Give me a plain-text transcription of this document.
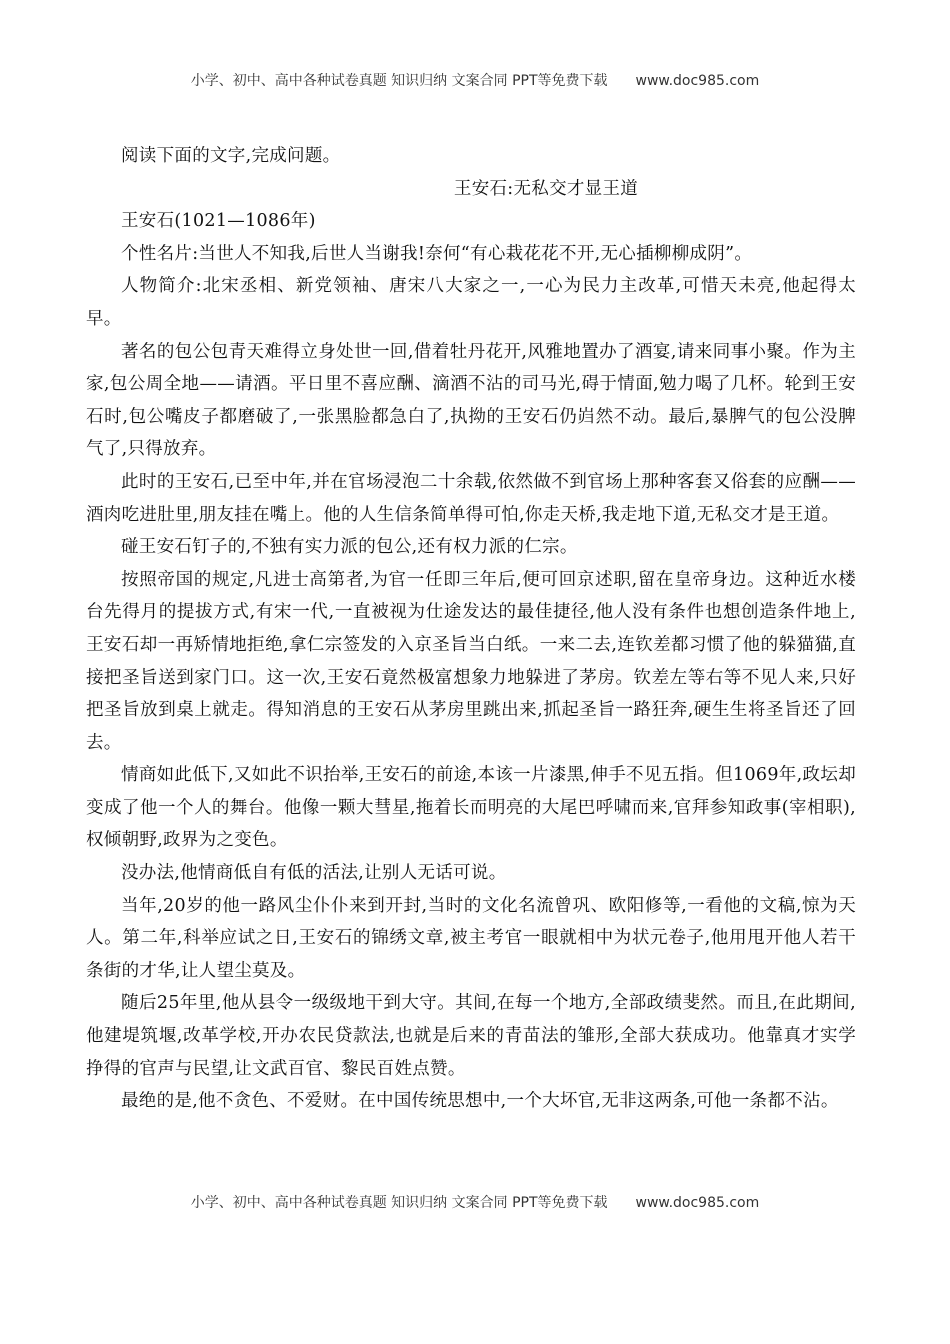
小学、初中、高中各种试卷真题 知识归纳 文案合同 PPT等免费下载 www.doc985.com

阅读下面的文字,完成问题。

王安石:无私交才显王道

王安石(1021—1086年)

个性名片:当世人不知我,后世人当谢我!奈何“有心栽花花不开,无心插柳柳成阴”。

人物简介:北宋丞相、新党领袖、唐宋八大家之一,一心为民力主改革,可惜天未亮,他起得太早。

著名的包公包青天难得立身处世一回,借着牡丹花开,风雅地置办了酒宴,请来同事小聚。作为主家,包公周全地——请酒。平日里不喜应酬、滴酒不沾的司马光,碍于情面,勉力喝了几杯。轮到王安石时,包公嘴皮子都磨破了,一张黑脸都急白了,执拗的王安石仍岿然不动。最后,暴脾气的包公没脾气了,只得放弃。

此时的王安石,已至中年,并在官场浸泡二十余载,依然做不到官场上那种客套又俗套的应酬——酒肉吃进肚里,朋友挂在嘴上。他的人生信条简单得可怕,你走天桥,我走地下道,无私交才是王道。

碰王安石钉子的,不独有实力派的包公,还有权力派的仁宗。

按照帝国的规定,凡进士高第者,为官一任即三年后,便可回京述职,留在皇帝身边。这种近水楼台先得月的提拔方式,有宋一代,一直被视为仕途发达的最佳捷径,他人没有条件也想创造条件地上,王安石却一再矫情地拒绝,拿仁宗签发的入京圣旨当白纸。一来二去,连钦差都习惯了他的躲猫猫,直接把圣旨送到家门口。这一次,王安石竟然极富想象力地躲进了茅房。钦差左等右等不见人来,只好把圣旨放到桌上就走。得知消息的王安石从茅房里跳出来,抓起圣旨一路狂奔,硬生生将圣旨还了回去。

情商如此低下,又如此不识抬举,王安石的前途,本该一片漆黑,伸手不见五指。但1069年,政坛却变成了他一个人的舞台。他像一颗大彗星,拖着长而明亮的大尾巴呼啸而来,官拜参知政事(宰相职),权倾朝野,政界为之变色。

没办法,他情商低自有低的活法,让别人无话可说。

当年,20岁的他一路风尘仆仆来到开封,当时的文化名流曾巩、欧阳修等,一看他的文稿,惊为天人。第二年,科举应试之日,王安石的锦绣文章,被主考官一眼就相中为状元卷子,他用甩开他人若干条街的才华,让人望尘莫及。

随后25年里,他从县令一级级地干到大守。其间,在每一个地方,全部政绩斐然。而且,在此期间,他建堤筑堰,改革学校,开办农民贷款法,也就是后来的青苗法的雏形,全部大获成功。他靠真才实学挣得的官声与民望,让文武百官、黎民百姓点赞。

最绝的是,他不贪色、不爱财。在中国传统思想中,一个大坏官,无非这两条,可他一条都不沾。

小学、初中、高中各种试卷真题 知识归纳 文案合同 PPT等免费下载 www.doc985.com
